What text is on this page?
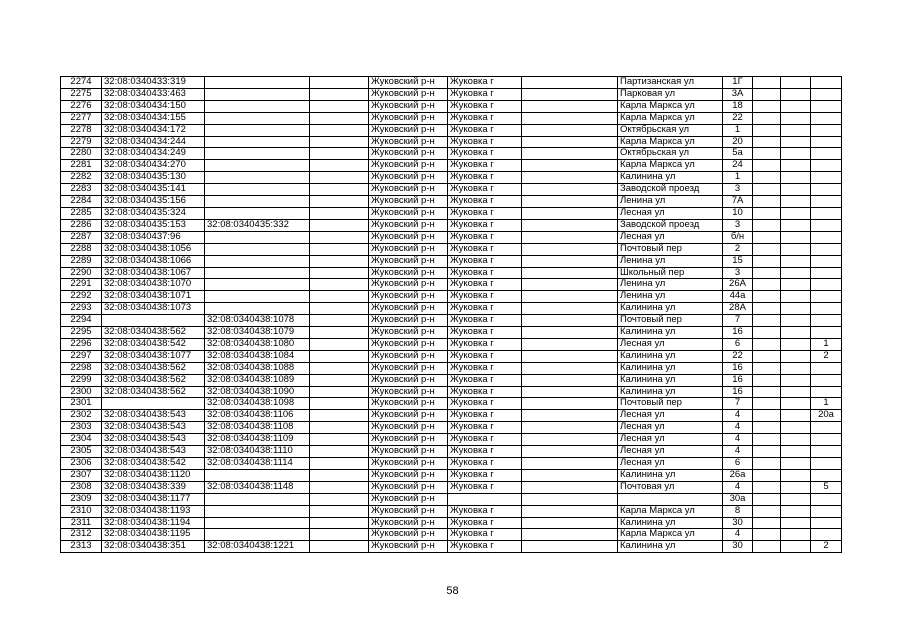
2274	32:08:0340433:319			Жуковский р-н	Жуковка г		Партизанская ул	1Г			
2275	32:08:0340433:463			Жуковский р-н	Жуковка г		Парковая ул	3А			
2276	32:08:0340434:150			Жуковский р-н	Жуковка г		Карла Маркса ул	18			
2277	32:08:0340434:155			Жуковский р-н	Жуковка г		Карла Маркса ул	22			
2278	32:08:0340434:172			Жуковский р-н	Жуковка г		Октябрьская ул	1			
2279	32:08:0340434:244			Жуковский р-н	Жуковка г		Карла Маркса ул	20			
2280	32:08:0340434:249			Жуковский р-н	Жуковка г		Октябрьская ул	5а			
2281	32:08:0340434:270			Жуковский р-н	Жуковка г		Карла Маркса ул	24			
2282	32:08:0340435:130			Жуковский р-н	Жуковка г		Калинина ул	1			
2283	32:08:0340435:141			Жуковский р-н	Жуковка г		Заводской проезд	3			
2284	32:08:0340435:156			Жуковский р-н	Жуковка г		Ленина ул	7А			
2285	32:08:0340435:324			Жуковский р-н	Жуковка г		Лесная ул	10			
2286	32:08:0340435:153	32:08:0340435:332		Жуковский р-н	Жуковка г		Заводской проезд	3			
2287	32:08:0340437:96			Жуковский р-н	Жуковка г		Лесная ул	б/н			
2288	32:08:0340438:1056			Жуковский р-н	Жуковка г		Почтовый пер	2			
2289	32:08:0340438:1066			Жуковский р-н	Жуковка г		Ленина ул	15			
2290	32:08:0340438:1067			Жуковский р-н	Жуковка г		Школьный пер	3			
2291	32:08:0340438:1070			Жуковский р-н	Жуковка г		Ленина ул	26А			
2292	32:08:0340438:1071			Жуковский р-н	Жуковка г		Ленина ул	44а			
2293	32:08:0340438:1073			Жуковский р-н	Жуковка г		Калинина ул	28А			
2294		32:08:0340438:1078		Жуковский р-н	Жуковка г		Почтовый пер	7			
2295	32:08:0340438:562	32:08:0340438:1079		Жуковский р-н	Жуковка г		Калинина ул	16			
2296	32:08:0340438:542	32:08:0340438:1080		Жуковский р-н	Жуковка г		Лесная ул	6			1
2297	32:08:0340438:1077	32:08:0340438:1084		Жуковский р-н	Жуковка г		Калинина ул	22			2
2298	32:08:0340438:562	32:08:0340438:1088		Жуковский р-н	Жуковка г		Калинина ул	16			
2299	32:08:0340438:562	32:08:0340438:1089		Жуковский р-н	Жуковка г		Калинина ул	16			
2300	32:08:0340438:562	32:08:0340438:1090		Жуковский р-н	Жуковка г		Калинина ул	16			
2301		32:08:0340438:1098		Жуковский р-н	Жуковка г		Почтовый пер	7			1
2302	32:08:0340438:543	32:08:0340438:1106		Жуковский р-н	Жуковка г		Лесная ул	4			20а
2303	32:08:0340438:543	32:08:0340438:1108		Жуковский р-н	Жуковка г		Лесная ул	4			
2304	32:08:0340438:543	32:08:0340438:1109		Жуковский р-н	Жуковка г		Лесная ул	4			
2305	32:08:0340438:543	32:08:0340438:1110		Жуковский р-н	Жуковка г		Лесная ул	4			
2306	32:08:0340438:542	32:08:0340438:1114		Жуковский р-н	Жуковка г		Лесная ул	6			
2307	32:08:0340438:1120			Жуковский р-н	Жуковка г		Калинина ул	26а			
2308	32:08:0340438:339	32:08:0340438:1148		Жуковский р-н	Жуковка г		Почтовая ул	4			5
2309	32:08:0340438:1177			Жуковский р-н				30а			
2310	32:08:0340438:1193			Жуковский р-н	Жуковка г		Карла Маркса ул	8			
2311	32:08:0340438:1194			Жуковский р-н	Жуковка г		Калинина ул	30			
2312	32:08:0340438:1195			Жуковский р-н	Жуковка г		Карла Маркса ул	4			
2313	32:08:0340438:351	32:08:0340438:1221		Жуковский р-н	Жуковка г		Калинина ул	30			2
58
